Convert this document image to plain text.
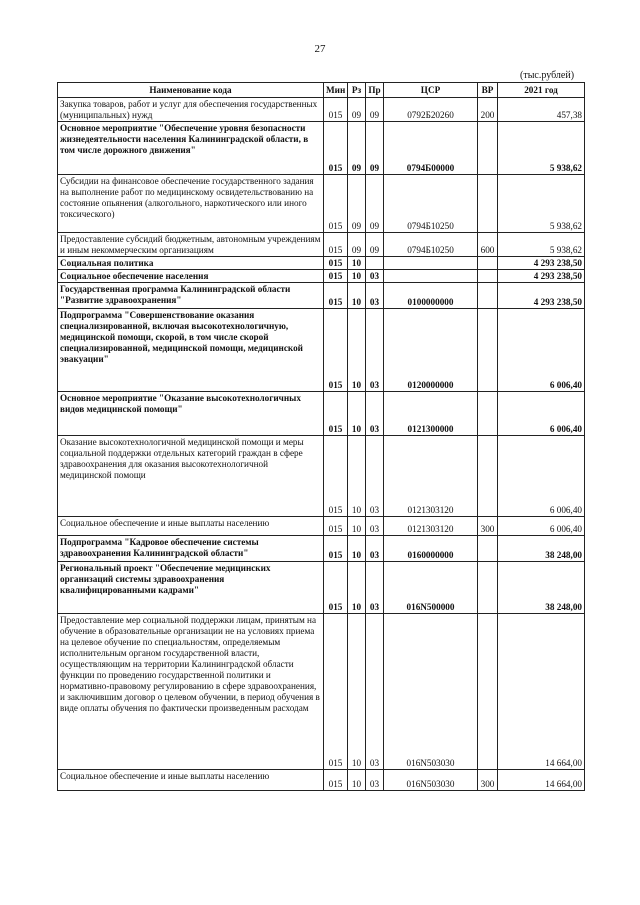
27
(тыс.рублей)
Наименование кода	Мин	Рз	Пр	ЦСР	ВР	2021 год
Закупка товаров, работ и услуг для обеспечения государственных (муниципальных) нужд	015	09	09	0792Б20260	200	457,38
Основное мероприятие "Обеспечение уровня безопасности жизнедеятельности населения Калининградской области, в том числе дорожного движения"	015	09	09	0794Б00000		5 938,62
Субсидии на финансовое обеспечение государственного задания на выполнение работ по медицинскому освидетельствованию на состояние опьянения (алкогольного, наркотического или иного токсического)	015	09	09	0794Б10250		5 938,62
Предоставление субсидий бюджетным, автономным учреждениям и иным некоммерческим организациям	015	09	09	0794Б10250	600	5 938,62
Социальная политика	015	10				4 293 238,50
Социальное обеспечение населения	015	10	03			4 293 238,50
Государственная программа Калининградской области "Развитие здравоохранения"	015	10	03	0100000000		4 293 238,50
Подпрограмма "Совершенствование оказания специализированной, включая высокотехнологичную, медицинской помощи, скорой, в том числе скорой специализированной, медицинской помощи, медицинской эвакуации"	015	10	03	0120000000		6 006,40
Основное мероприятие "Оказание высокотехнологичных видов медицинской помощи"	015	10	03	0121300000		6 006,40
Оказание высокотехнологичной медицинской помощи и меры социальной поддержки отдельных категорий граждан в сфере здравоохранения для оказания высокотехнологичной медицинской помощи	015	10	03	0121303120		6 006,40
Социальное обеспечение и иные выплаты населению	015	10	03	0121303120	300	6 006,40
Подпрограмма "Кадровое обеспечение системы здравоохранения Калининградской области"	015	10	03	0160000000		38 248,00
Региональный проект "Обеспечение медицинских организаций системы здравоохранения квалифицированными кадрами"	015	10	03	016N500000		38 248,00
Предоставление мер социальной поддержки лицам, принятым на обучение в образовательные организации не на условиях приема на целевое обучение по специальностям, определяемым исполнительным органом государственной власти, осуществляющим на территории Калининградской области функции по проведению государственной политики и нормативно-правовому регулированию в сфере здравоохранения, и заключившим договор о целевом обучении, в период обучения в виде оплаты обучения по фактически произведенным расходам	015	10	03	016N503030		14 664,00
Социальное обеспечение и иные выплаты населению	015	10	03	016N503030	300	14 664,00
